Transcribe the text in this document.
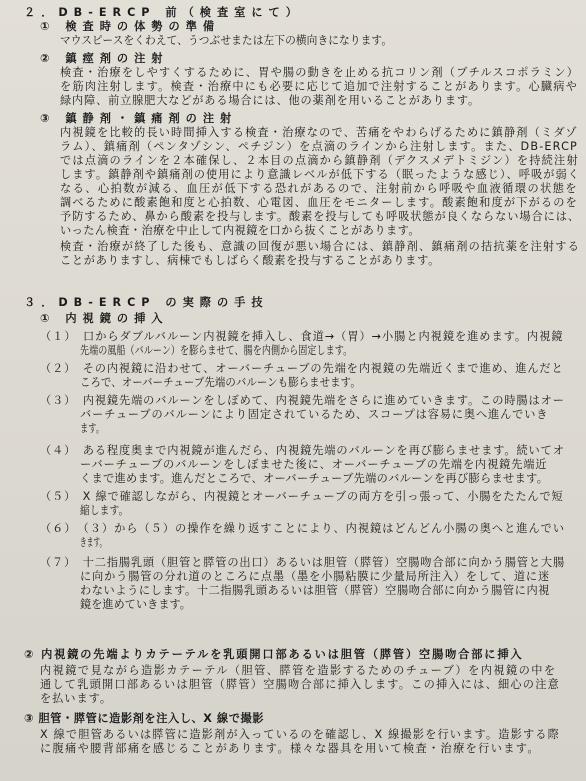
２．DB-ERCP 前（検査室にて）
① 検査時の体勢の準備
マウスピースをくわえて、うつぶせまたは左下の横向きになります。
② 鎮痙剤の注射
検査・治療をしやすくするために、胃や腸の動きを止める抗コリン剤（ブチルスコポラミン）
を筋肉注射します。検査・治療中にも必要に応じて追加で注射することがあります。心臓病や
緑内障、前立腺肥大などがある場合には、他の薬剤を用いることがあります。
③ 鎮静剤・鎮痛剤の注射
内視鏡を比較的長い時間挿入する検査・治療なので、苦痛をやわらげるために鎮静剤（ミダゾ
ラム）、鎮痛剤（ペンタゾシン、ペチジン）を点滴のラインから注射します。また、DB-ERCP
では点滴のラインを２本確保し、２本目の点滴から鎮静剤（デクスメデトミジン）を持続注射
します。鎮静剤や鎮痛剤の使用により意識レベルが低下する（眠ったような感じ）、呼吸が弱く
なる、心拍数が減る、血圧が低下する恐れがあるので、注射前から呼吸や血液循環の状態を
調べるために酸素飽和度と心拍数、心電図、血圧をモニターします。酸素飽和度が下がるのを
予防するため、鼻から酸素を投与します。酸素を投与しても呼吸状態が良くならない場合には、
いったん検査・治療を中止して内視鏡を口から抜くことがあります。
検査・治療が終了した後も、意識の回復が悪い場合には、鎮静剤、鎮痛剤の拮抗薬を注射する
ことがありますし、病棟でもしばらく酸素を投与することがあります。
３．DB-ERCP の実際の手技
① 内視鏡の挿入
（１）　口からダブルバルーン内視鏡を挿入し、食道→（胃）→小腸と内視鏡を進めます。内視鏡
先端の風船（バルーン）を膨らませて、腸を内側から固定します。
（２）　その内視鏡に沿わせて、オーバーチューブの先端を内視鏡の先端近くまで進め、進んだと
ころで、オーバーチューブ先端のバルーンも膨らませます。
（３）　内視鏡先端のバルーンをしぼめて、内視鏡先端をさらに進めていきます。この時腸はオー
バーチューブのバルーンにより固定されているため、スコープは容易に奥へ進んでいき
ます。
（４）　ある程度奥まで内視鏡が進んだら、内視鏡先端のバルーンを再び膨らませます。続いてオ
ーバーチューブのバルーンをしぼませた後に、オーバーチューブの先端を内視鏡先端近
くまで進めます。進んだところで、オーバーチューブ先端のバルーンを再び膨らませます。
（５）　X 線で確認しながら、内視鏡とオーバーチューブの両方を引っ張って、小腸をたたんで短
縮します。
（６）　（３）から（５）の操作を繰り返すことにより、内視鏡はどんどん小腸の奥へと進んでい
きます。
（７）　十二指腸乳頭（胆管と膵管の出口）あるいは胆管（膵管）空腸吻合部に向かう腸管と大腸
に向かう腸管の分れ道のところに点墨（墨を小腸粘膜に少量局所注入）をして、道に迷
わないようにします。十二指腸乳頭あるいは胆管（膵管）空腸吻合部に向かう腸管に内視
鏡を進めていきます。
② 内視鏡の先端よりカテーテルを乳頭開口部あるいは胆管（膵管）空腸吻合部に挿入
内視鏡で見ながら造影カテーテル（胆管、膵管を造影するためのチューブ）を内視鏡の中を
通して乳頭開口部あるいは胆管（膵管）空腸吻合部に挿入します。この挿入には、細心の注意
を払います。
③ 胆管・膵管に造影剤を注入し、X 線で撮影
X 線で胆管あるいは膵管に造影剤が入っているのを確認し、X 線撮影を行います。造影する際
に腹痛や腰背部痛を感じることがあります。様々な器具を用いて検査・治療を行います。
